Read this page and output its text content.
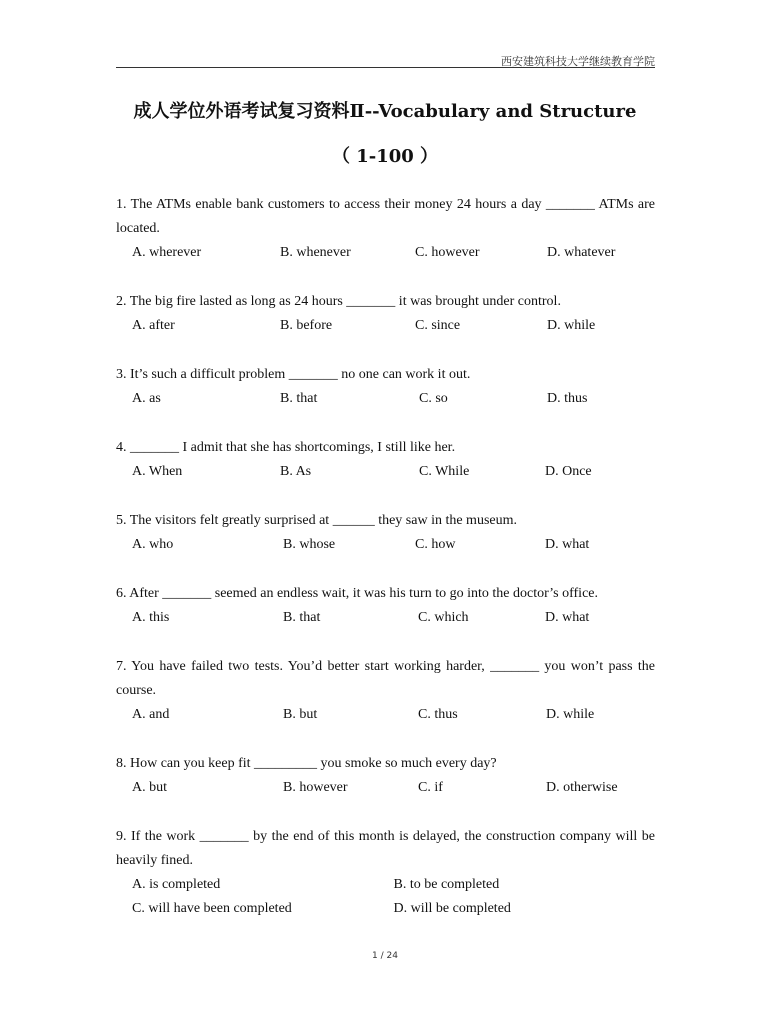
西安建筑科技大学继续教育学院
成人学位外语考试复习资料Ⅱ--Vocabulary and Structure
（ 1-100 ）
1. The ATMs enable bank customers to access their money 24 hours a day _______ ATMs are located.
A. wherever	B. whenever	C. however	D. whatever
2. The big fire lasted as long as 24 hours _______ it was brought under control.
A. after	B. before	C. since	D. while
3. It’s such a difficult problem _______ no one can work it out.
A. as	B. that	C. so	D. thus
4. _______ I admit that she has shortcomings, I still like her.
A. When	B. As	C. While	D. Once
5. The visitors felt greatly surprised at ______ they saw in the museum.
A. who	B. whose	C. how	D. what
6. After _______ seemed an endless wait, it was his turn to go into the doctor’s office.
A. this	B. that	C. which	D. what
7. You have failed two tests. You’d better start working harder, _______ you won’t pass the course.
A. and	B. but	C. thus	D. while
8. How can you keep fit _________ you smoke so much every day?
A. but	B. however	C. if	D. otherwise
9. If the work _______ by the end of this month is delayed, the construction company will be heavily fined.
A. is completed	B. to be completed
C. will have been completed	D. will be completed
1 / 24
